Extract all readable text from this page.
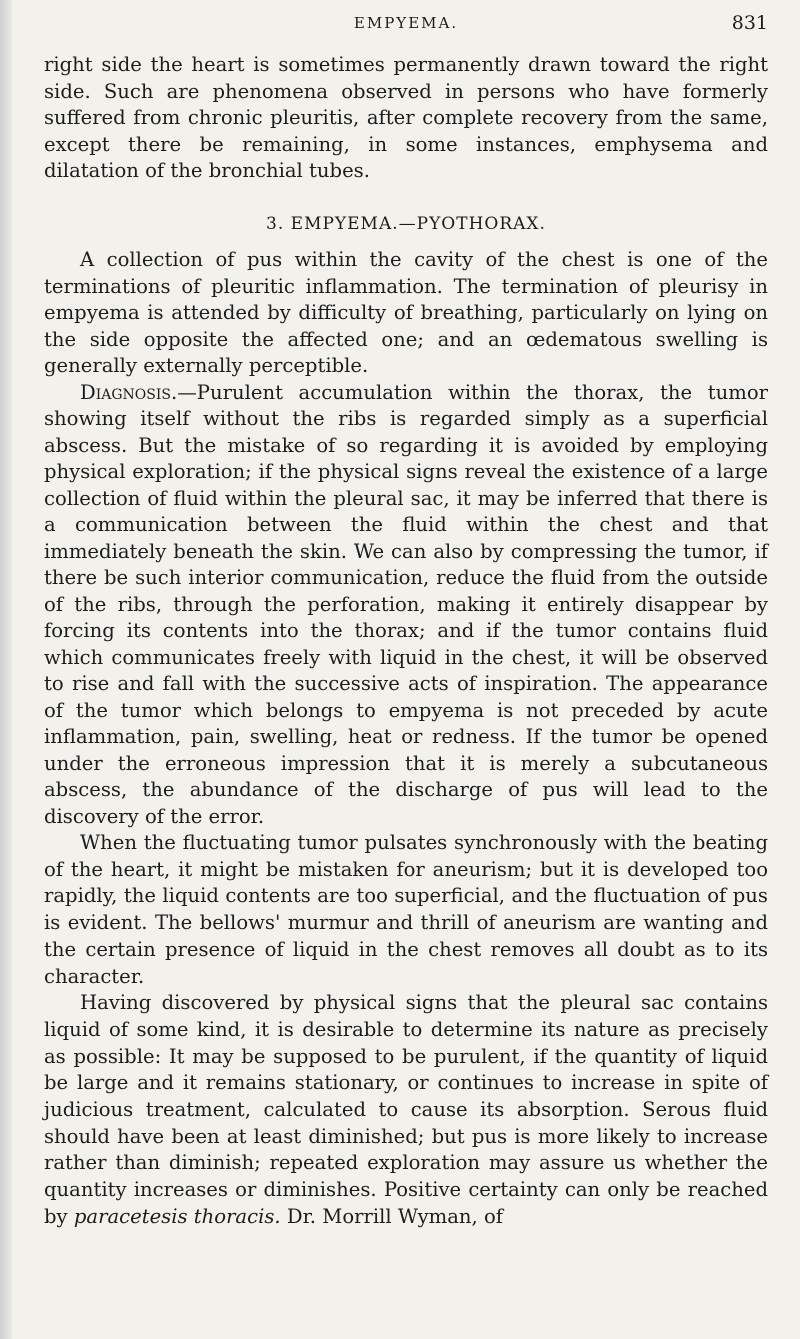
EMPYEMA.	831

right side the heart is sometimes permanently drawn toward the right side. Such are phenomena observed in persons who have formerly suffered from chronic pleuritis, after complete recovery from the same, except there be remaining, in some instances, emphysema and dilatation of the bronchial tubes.

3. EMPYEMA.—PYOTHORAX.

A collection of pus within the cavity of the chest is one of the terminations of pleuritic inflammation. The termination of pleurisy in empyema is attended by difficulty of breathing, particularly on lying on the side opposite the affected one; and an œdematous swelling is generally externally perceptible.

Diagnosis.—Purulent accumulation within the thorax, the tumor showing itself without the ribs is regarded simply as a superficial abscess. But the mistake of so regarding it is avoided by employing physical exploration; if the physical signs reveal the existence of a large collection of fluid within the pleural sac, it may be inferred that there is a communication between the fluid within the chest and that immediately beneath the skin. We can also by compressing the tumor, if there be such interior communication, reduce the fluid from the outside of the ribs, through the perforation, making it entirely disappear by forcing its contents into the thorax; and if the tumor contains fluid which communicates freely with liquid in the chest, it will be observed to rise and fall with the successive acts of inspiration. The appearance of the tumor which belongs to empyema is not preceded by acute inflammation, pain, swelling, heat or redness. If the tumor be opened under the erroneous impression that it is merely a subcutaneous abscess, the abundance of the discharge of pus will lead to the discovery of the error.

When the fluctuating tumor pulsates synchronously with the beating of the heart, it might be mistaken for aneurism; but it is developed too rapidly, the liquid contents are too superficial, and the fluctuation of pus is evident. The bellows' murmur and thrill of aneurism are wanting and the certain presence of liquid in the chest removes all doubt as to its character.

Having discovered by physical signs that the pleural sac contains liquid of some kind, it is desirable to determine its nature as precisely as possible: It may be supposed to be purulent, if the quantity of liquid be large and it remains stationary, or continues to increase in spite of judicious treatment, calculated to cause its absorption. Serous fluid should have been at least diminished; but pus is more likely to increase rather than diminish; repeated exploration may assure us whether the quantity increases or diminishes. Positive certainty can only be reached by paracetesis thoracis. Dr. Morrill Wyman, of
